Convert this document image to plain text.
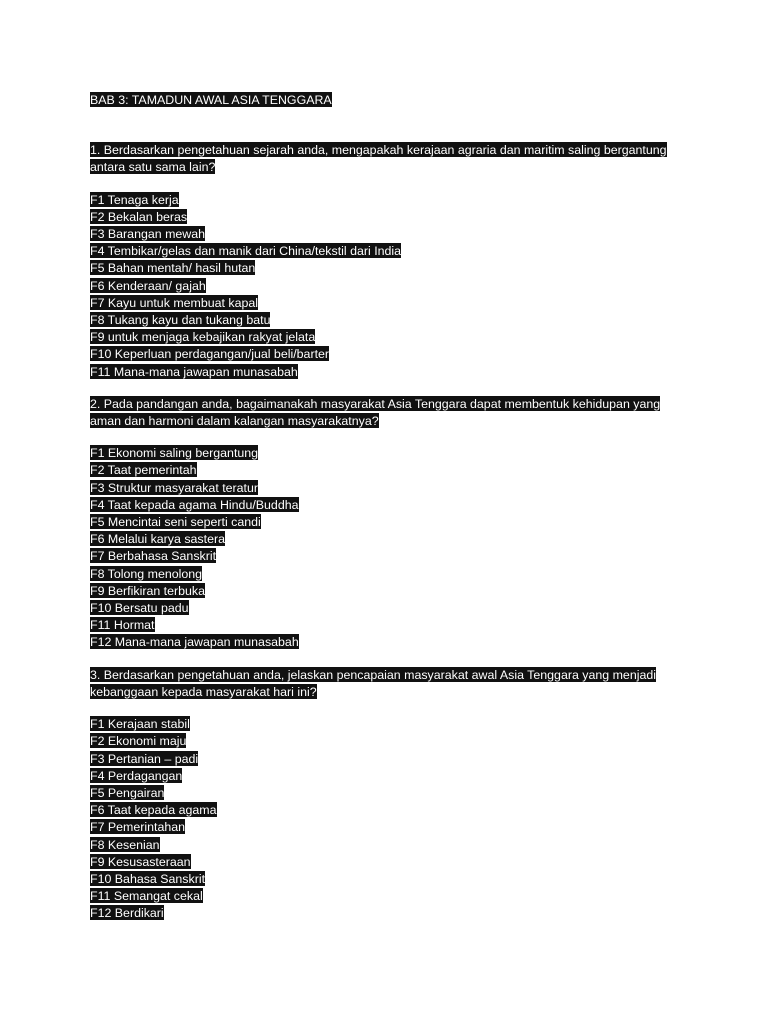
BAB 3: TAMADUN AWAL ASIA TENGGARA
1. Berdasarkan pengetahuan sejarah anda, mengapakah kerajaan agraria dan maritim saling bergantung antara satu sama lain?
F1 Tenaga kerja
F2 Bekalan beras
F3 Barangan mewah
F4 Tembikar/gelas dan manik dari China/tekstil dari India
F5 Bahan mentah/ hasil hutan
F6 Kenderaan/ gajah
F7 Kayu untuk membuat kapal
F8 Tukang kayu dan tukang batu
F9 untuk menjaga kebajikan rakyat jelata
F10 Keperluan perdagangan/jual beli/barter
F11 Mana-mana jawapan munasabah
2. Pada pandangan anda, bagaimanakah masyarakat Asia Tenggara dapat membentuk kehidupan yang aman dan harmoni dalam kalangan masyarakatnya?
F1 Ekonomi saling bergantung
F2 Taat pemerintah
F3 Struktur masyarakat teratur
F4 Taat kepada agama Hindu/Buddha
F5 Mencintai seni seperti candi
F6 Melalui karya sastera
F7 Berbahasa Sanskrit
F8 Tolong menolong
F9 Berfikiran terbuka
F10 Bersatu padu
F11 Hormat
F12 Mana-mana jawapan munasabah
3. Berdasarkan pengetahuan anda, jelaskan pencapaian masyarakat awal Asia Tenggara yang menjadi kebanggaan kepada masyarakat hari ini?
F1 Kerajaan stabil
F2 Ekonomi maju
F3 Pertanian – padi
F4 Perdagangan
F5 Pengairan
F6 Taat kepada agama
F7 Pemerintahan
F8 Kesenian
F9 Kesusasteraan
F10 Bahasa Sanskrit
F11 Semangat cekal
F12 Berdikari
